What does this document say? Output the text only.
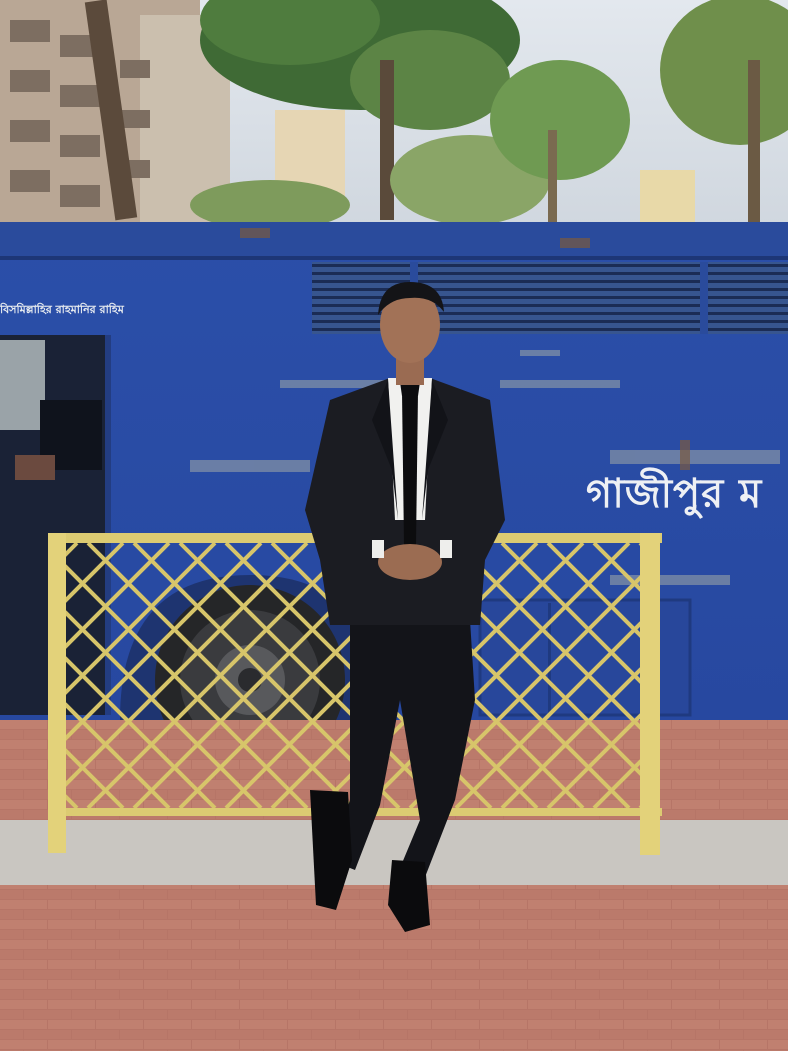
গাজীপুর ম
বিসমিল্লাহির রাহমানির রাহিম
